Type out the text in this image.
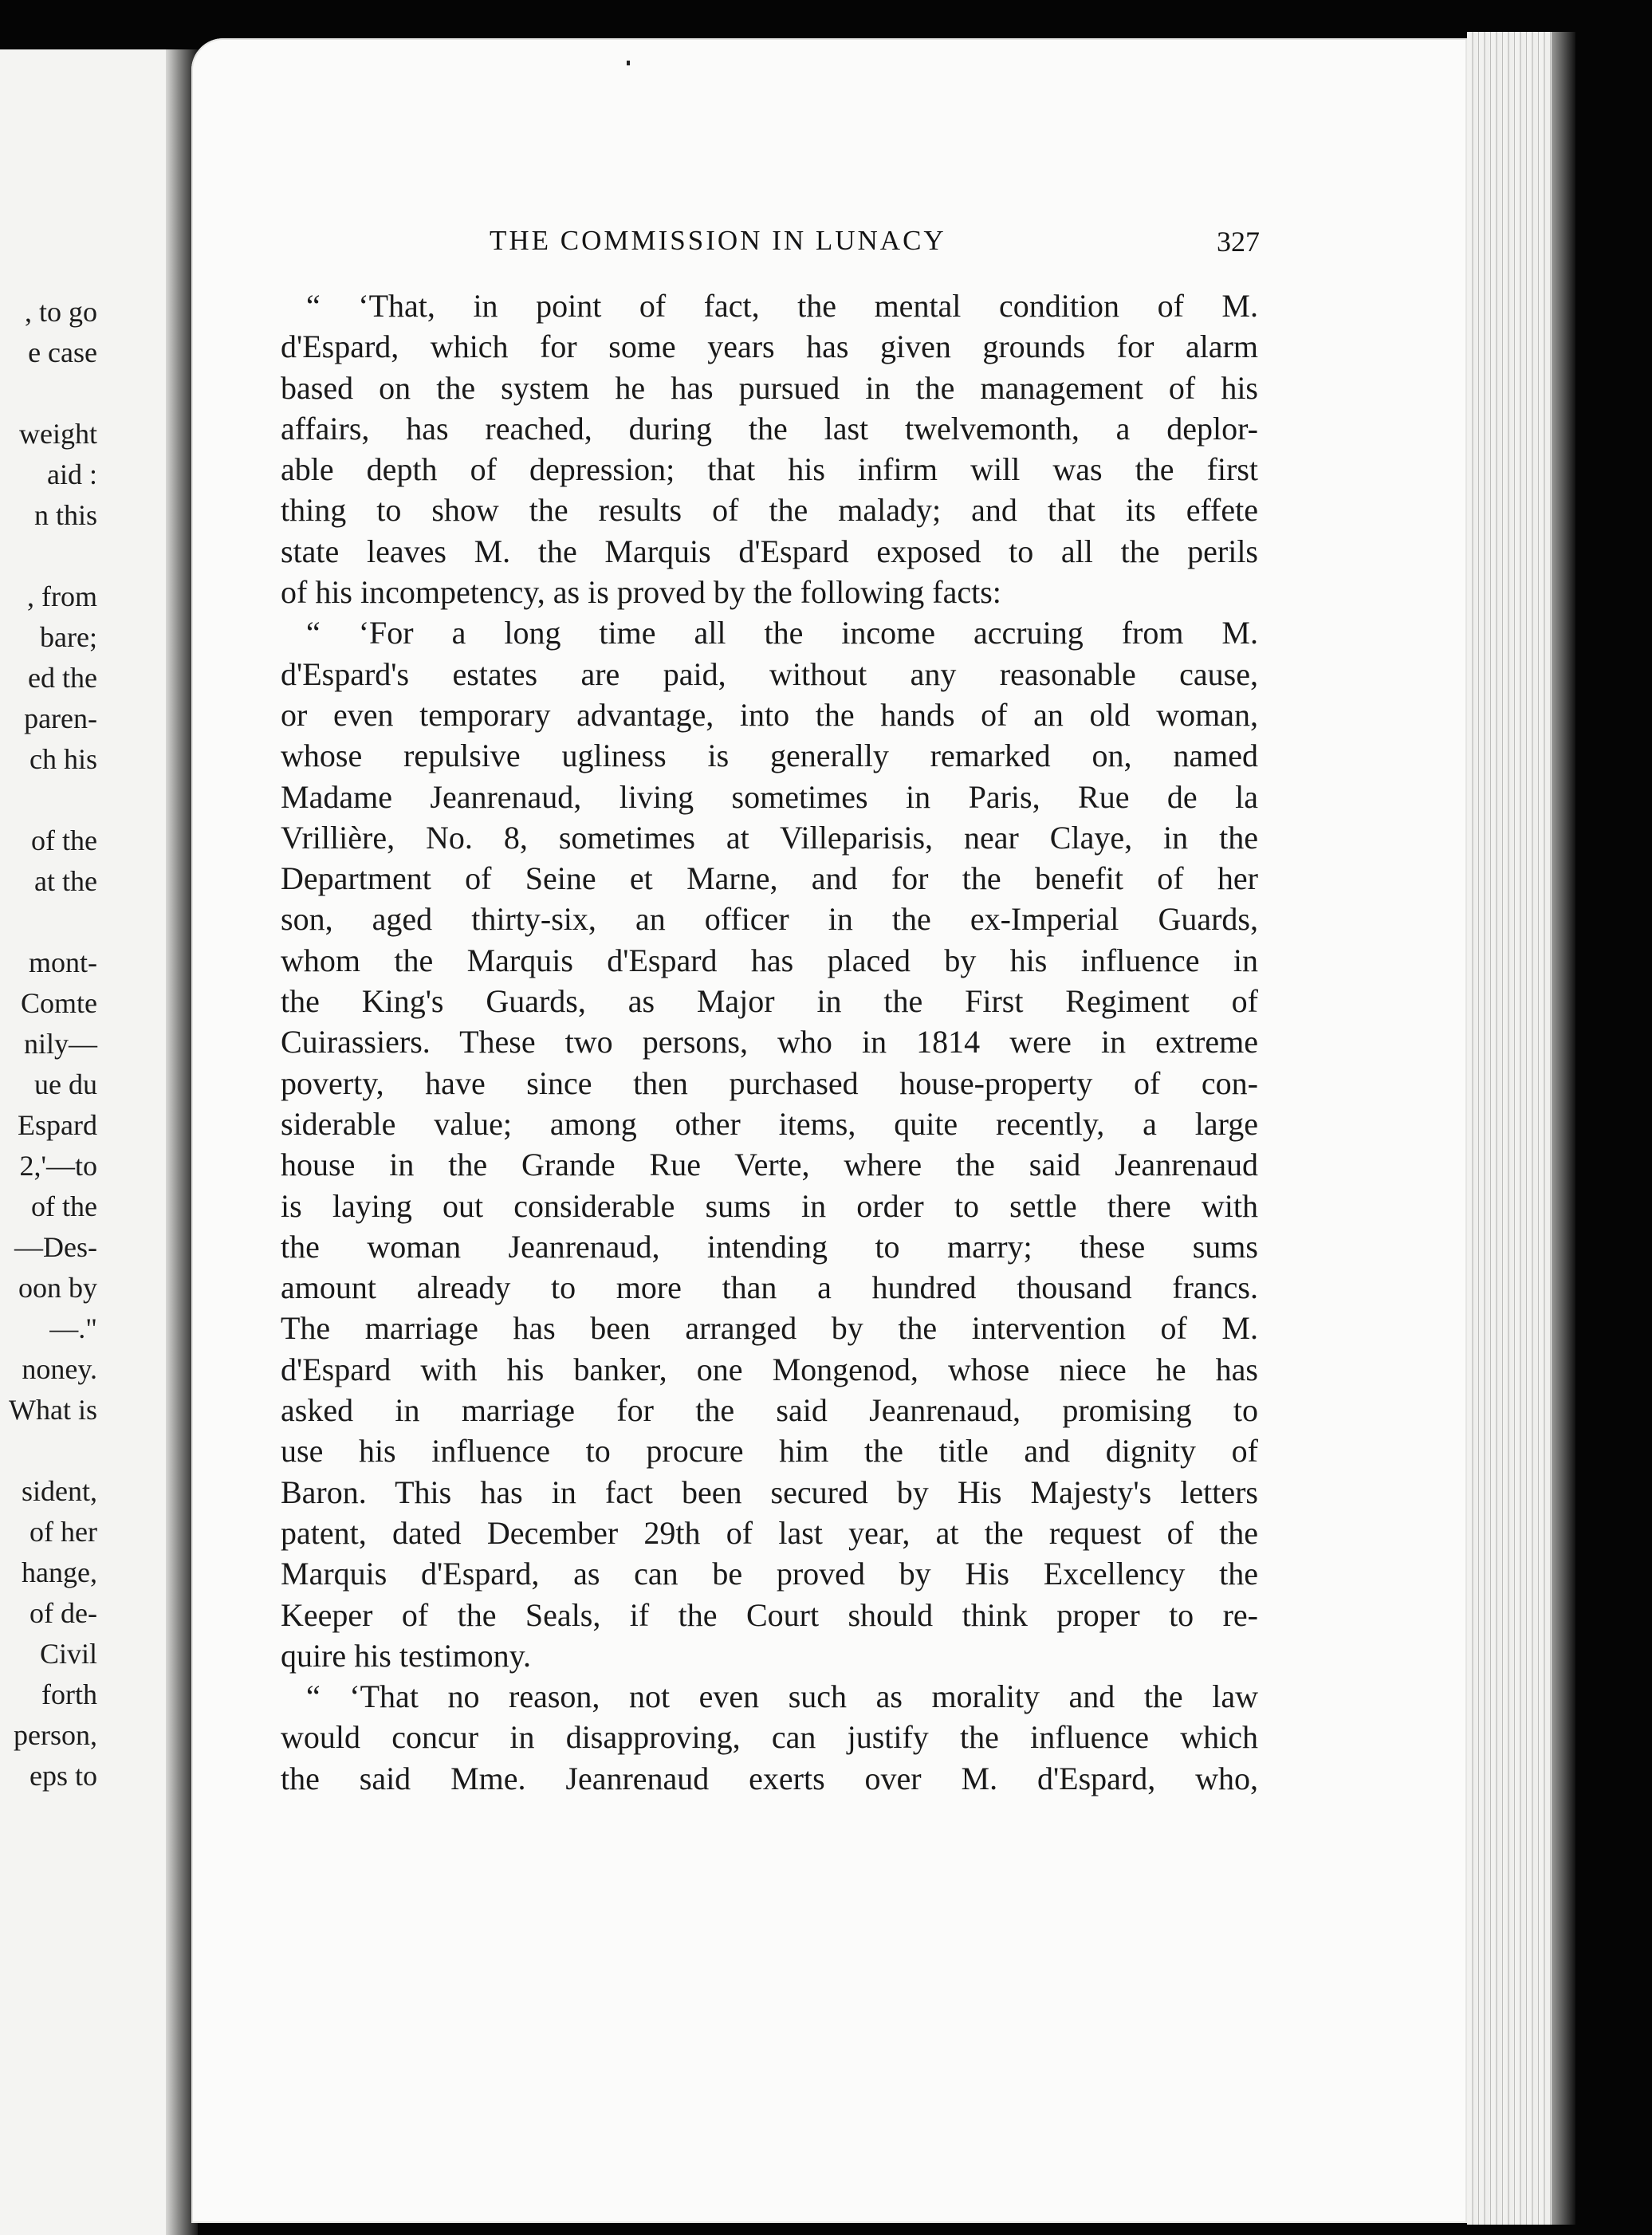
, to go
e case
weight
aid :
n this
, from
bare;
ed the
paren-
ch his
of the
at the
mont-
Comte
nily—
ue du
Espard
2,'—to
of the
—Des-
oon by
—."
noney.
What is
sident,
of her
hange,
of de-
Civil
forth
person,
eps to
THE COMMISSION IN LUNACY	327
“ ‘That, in point of fact, the mental condition of M.
d'Espard, which for some years has given grounds for alarm
based on the system he has pursued in the management of his
affairs, has reached, during the last twelvemonth, a deplor-
able depth of depression; that his infirm will was the first
thing to show the results of the malady; and that its effete
state leaves M. the Marquis d'Espard exposed to all the perils
of his incompetency, as is proved by the following facts:
“ ‘For a long time all the income accruing from M.
d'Espard's estates are paid, without any reasonable cause,
or even temporary advantage, into the hands of an old woman,
whose repulsive ugliness is generally remarked on, named
Madame Jeanrenaud, living sometimes in Paris, Rue de la
Vrillière, No. 8, sometimes at Villeparisis, near Claye, in the
Department of Seine et Marne, and for the benefit of her
son, aged thirty-six, an officer in the ex-Imperial Guards,
whom the Marquis d'Espard has placed by his influence in
the King's Guards, as Major in the First Regiment of
Cuirassiers. These two persons, who in 1814 were in extreme
poverty, have since then purchased house-property of con-
siderable value; among other items, quite recently, a large
house in the Grande Rue Verte, where the said Jeanrenaud
is laying out considerable sums in order to settle there with
the woman Jeanrenaud, intending to marry; these sums
amount already to more than a hundred thousand francs.
The marriage has been arranged by the intervention of M.
d'Espard with his banker, one Mongenod, whose niece he has
asked in marriage for the said Jeanrenaud, promising to
use his influence to procure him the title and dignity of
Baron. This has in fact been secured by His Majesty's letters
patent, dated December 29th of last year, at the request of the
Marquis d'Espard, as can be proved by His Excellency the
Keeper of the Seals, if the Court should think proper to re-
quire his testimony.
“ ‘That no reason, not even such as morality and the law
would concur in disapproving, can justify the influence which
the said Mme. Jeanrenaud exerts over M. d'Espard, who,
